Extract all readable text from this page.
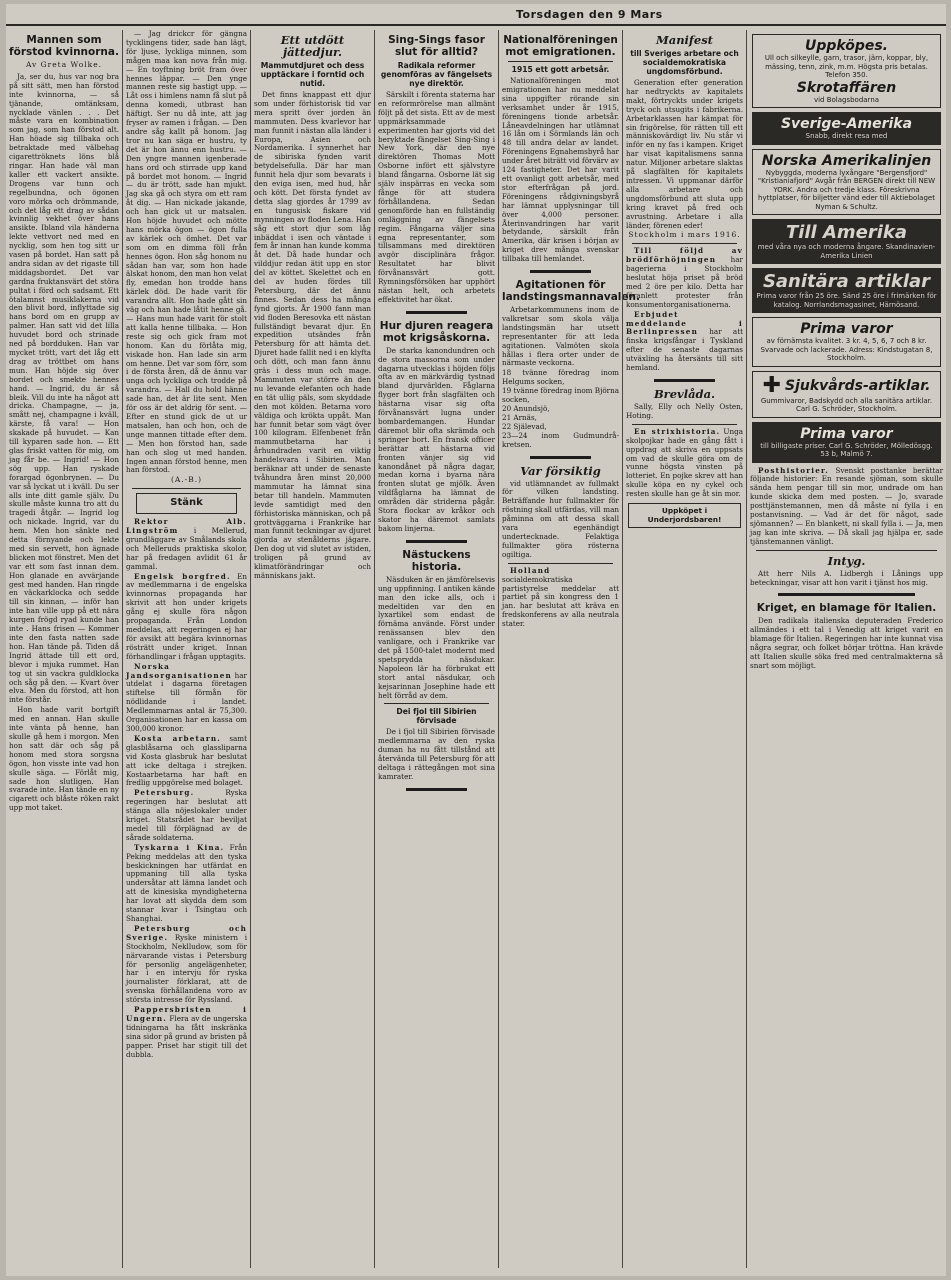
Torsdagen den 9 Mars
Mannen som förstod kvinnorna.
Av Greta Wolke.
Ja, ser du, hus var nog bra på sitt sätt, men han förstod inte kvinnorna, — så tjänande, omtänksam, nycklade vänlen . . . Det måste vara en kombination som jag, som han förstod alt. Han höade sig tillbaka och betraktade med välbehag cigarettröknets löns blå ringar. Han hade väl man kaller ett vackert ansikte. Drogens var tunn och regelbundna, och ögonen voro mörka och drömmande, och det låg ett drag av sådan kvinnlig vekhet över hans ansikte. Ibland vila händerna lekte vettvort ned med en nycklig, som hen tog sitt ur vasen på bordet. Han satt på andra sidan av det rigaste till middagsbordet. Det var gardna fruktansvärt det störa pultat i förd och sadsamt. Ett ötalamnst musiklakerna vid den blivit bord, inflyttade sig hans bord om en grupp av palmer. Han satt vid det lilla huvudet bord och strinade ned på bordduken. Han var mycket trött, vart det låg ett drag av tröttbet om hans mun. Han höjde sig över bordet och smekte hennes hand. — Ingrid, du är så bleik. Vill du inte ha något att dricka. Champagne, — ja, smått nej, champagne i kväll, kärste, få vara! — Hon skakade på huvudet. — Kan till kyparen sade hon. — Ett glas friskt vatten för mig, om jag får be. — Ingrid! — Hon sög upp. Han ryskade forargad ögonbrynen. — Du var så lyckat ut i kväll. Du ser alls inte ditt gamle själv. Du skulle måste kunna tro att du tragedi åtgår. — Ingrid log och nickade. Ingrid, var du hem. Men hon sänkte ned detta förnyande och lekte med sin servett, hon ägnade blicken mot fönstret. Men det var ett som fast innan dem. Hon glanade en avvärjande gest med handen. Han ringde en väckarklocka och sedde till sin kinnan, — inför han inte han ville upp på ett nära kurgen frögd ryad kunde han inte . Hans frisen — Kommer inte den fasta natten sade hon. Han tände på. Tiden då Ingrid ättade till ett ord, blevor i mjuka rummet. Han tog ut sin vackra guldklocka och såg på den. — Kvart över elva. Men du förstod, att hon inte förstår.
Hon hade varit bortgift med en annan. Han skulle inte vänta på henne, han skulle gå hem i morgon. Men hon satt där och såg på honom med stora sorgsna ögon, hon visste inte vad hon skulle säga. — Förlåt mig, sade hon slutligen. Han svarade inte. Han tände en ny cigarett och blåste röken rakt upp mot taket.
— Jag drickcr för gängna tycklingens tider, sade han lägt, för ljuse, lyckliga minnen, som mågen maa kan nova från mig. — En toyftning bröt fram över hennes läppar. — Den ynge mannen reste sig hastigt upp. — Låt oss i himlens namn få slut på denna komedi, utbrast han häftigt. Ser nu då inte, att jag fryser av ramen i frågan. — Den andre såg kallt på honom. Jag tror nu kan säga er hustru, ty det är hon ännu enn hustru. — Den yngre mannen igenberade hans ord och stirrade upp kand på bordet mot honom. — Ingrid — du är trött, sade han mjukt. Jag ska gå och styra om ett ram åt dig. — Han nickade jakande, och han gick ut ur matsalen. Hon höjde huvudet och mötte hans mörka ögon — ögon fulla av kärlek och ömhet. Det var som om en dimma föll från hennes ögon. Hon såg honom nu sådan han var, som hon hade älskat honom, den man hon velat fly, emedan hon trodde hans kärlek död. De hade varit för varandra allt. Hon hade gått sin väg och han hade låtit henne gå. — Hans mun hade varit för stolt att kalla henne tillbaka. — Hon reste sig och gick fram mot honom. Kan du förlåta mig, viskade hon. Han lade sin arm om henne. Det var som förr, som i de första åren, då de ännu var unga och lyckliga och trodde på varandra. — Hall du hold hänne sade han, det är lite sent. Men för oss är det aldrig för sent. — Efter en stund gick de ut ur matsalen, han och hon, och de unge mannen tittade efter dem. — Men hon förstod han, sade han och slog ut med handen. Ingen annan förstod henne, men han förstod.
(A.-B.)
Stänk
Rektor Alb. Lingström i Mellerud, grundläggare av Smålands skola och Melleruds praktiska skolor, har på fredagen avlidit 61 år gammal.
Engelsk borgfred. En av medlemmarna i de engelska kvinnornas propaganda har skrivit att hon under krigets gång ej skulle föra någon propaganda. Från London meddelas, att regeringen ej har för avsikt att begära kvinnornas rösträtt under kriget. Innan förhandlingar i frågan upptagits.
Norska Jandsorganisationen har utdelat i dagarna företagen stiftelse till förmån för nödlidande i landet. Medlemmarnas antal är 75,300. Organisationen har en kassa om 300,000 kronor.
Kosta arbetarn. samt glasblåsarna och glassliparna vid Kosta glasbruk har beslutat att icke deltaga i strejken. Kostaarbetarna har haft en fredlig uppgörelse med bolaget.
Petersburg.	Ryska regeringen har beslutat att stänga alla nöjeslokaler under kriget. Statsrådet har beviljat medel till förplägnad av de sårade soldaterna.
Tyskarna i Kina. Från Peking meddelas att den tyska beskickningen har utfärdat en uppmaning till alla tyska undersåtar att lämna landet och att de kinesiska myndigheterna har lovat att skydda dem som stannar kvar i Tsingtau och Shanghai.
Petersburg och Sverige. Ryske ministern i Stockholm, Neklludow, som för närvarande vistas i Petersburg för personlig angelägenheter, har i en intervju för ryska journalister förklarat, att de svenska förhållandena voro av största intresse för Ryssland.
Pappersbristen i Ungern. Flera av de ungerska tidningarna ha fått inskränka sina sidor på grund av bristen på papper. Priset har stigit till det dubbla.
Ett utdött jättedjur.
Mammutdjuret och dess upptäckare i forntid och nutid.
Det finns knappast ett djur som under förhistorisk tid var mera spritt över jorden än mammuten. Dess kvarlevor har man funnit i nästan alla länder i Europa, Asien och Nordamerika. I synnerhet har de sibiriska fynden varit betydelsefulla. Där har man funnit hela djur som bevarats i den eviga isen, med hud, hår och kött. Det första fyndet av detta slag gjordes år 1799 av en tungusisk fiskare vid mynningen av floden Lena. Han såg ett stort djur som låg inbäddat i isen och väntade i fem år innan han kunde komma åt det. Då hade hundar och vilddjur redan ätit upp en stor del av köttet. Skelettet och en del av huden fördes till Petersburg, där det ännu finnes. Sedan dess ha många fynd gjorts. År 1900 fann man vid floden Beresovka ett nästan fullständigt bevarat djur. En expedition utsändes från Petersburg för att hämta det. Djuret hade fallit ned i en klyfta och dött, och man fann ännu gräs i dess mun och mage. Mammuten var större än den nu levande elefanten och hade en tät ullig päls, som skyddade den mot kölden. Betarna voro väldiga och krökta uppåt. Man har funnit betar som vägt över 100 kilogram. Elfenbenet från mammutbetarna har i århundraden varit en viktig handelsvara i Sibirien. Man beräknar att under de senaste tvåhundra åren minst 20,000 mammutar ha lämnat sina betar till handeln. Mammuten levde samtidigt med den förhistoriska människan, och på grottväggarna i Frankrike har man funnit teckningar av djuret gjorda av stenålderns jägare. Den dog ut vid slutet av istiden, troligen på grund av klimatförändringar och människans jakt.
Sing-Sings fasor slut för alltid?
Radikala reformer genomföras av fängelsets nye direktör.
Särskilt i förenta staterna har en reformrörelse man allmänt följt på det sista. Ett av de mest uppmärksammade experimenten har gjorts vid det beryktade fängelset Sing-Sing i New York, där den nye direktören Thomas Mott Osborne infört ett självstyre bland fångarna. Osborne lät sig själv inspärras en vecka som fånge för att studera förhållandena. Sedan genomförde han en fullständig omläggning av fängelsets regim. Fångarna väljer sina egna representanter, som tillsammans med direktören avgör disciplinära frågor. Resultatet har blivit förvånansvärt gott. Rymningsförsöken har upphört nästan helt, och arbetets effektivitet har ökat.
Hur djuren reagera mot krigsåskorna.
De starka kanondundren och de stora massorna som under dagarna utvecklas i höjden följs ofta av en märkvärdig tystnad bland djurvärlden. Fåglarna flyger bort från slagfälten och hästarna visar sig ofta förvånansvärt lugna under bombardemangen. Hundar däremot blir ofta skrämda och springer bort. En fransk officer berättar att hästarna vid fronten vänjer sig vid kanondånet på några dagar, medan korna i byarna nära fronten slutat ge mjölk. Även vildfåglarna ha lämnat de områden där striderna pågår. Stora flockar av kråkor och skator ha däremot samlats bakom linjerna.
Nästuckens historia.
Näsduken är en jämförelsevis ung uppfinning. I antiken kände man den icke alls, och i medeltiden var den en lyxartikel som endast de förnäma använde. Först under renässansen blev den vanligare, och i Frankrike var det på 1500-talet modernt med spetsprydda näsdukar. Napoleon lär ha förbrukat ett stort antal näsdukar, och kejsarinnan Josephine hade ett helt förråd av dem.
Dei fjol till Sibirien förvisade
De i fjol till Sibirien förvisade medlemmarna av den ryska duman ha nu fått tillstånd att återvända till Petersburg för att deltaga i rättegången mot sina kamrater.
Nationalföreningen mot emigrationen.
1915 ett gott arbetsår.
Nationalföreningen mot emigrationen har nu meddelat sina uppgifter rörande sin verksamhet under år 1915, föreningens tionde arbetsår. Låneavdelningen har utlämnat 16 lån om i Sörmlands län och 48 till andra delar av landet. Föreningens Egnahemsbyrå har under året biträtt vid förvärv av 124 fastigheter. Det har varit ett ovanligt gott arbetsår, med stor efterfrågan på jord. Föreningens rådgivningsbyrå har lämnat upplysningar till över 4,000 personer. Återinvandringen har varit betydande, särskilt från Amerika, där krisen i början av kriget drev många svenskar tillbaka till hemlandet.
Agitationen för landstingsmannavalen.
Arbetarkommunens inom de valkretsar som skola välja landstingsmän har utsett representanter för att leda agitationen. Valmöten skola hållas i flera orter under de närmaste veckorna.
18 tvänne föredrag inom Helgums socken,
19 tvänne föredrag inom Björna socken,
20 Anundsjö,
21 Arnäs,
22 Själevad,
23—24 inom Gudmundrå-kretsen.
Var försiktig
vid utlämnandet av fullmakt för vilken landsting. Beträffande hur fullmakter för röstning skall utfärdas, vill man påminna om att dessa skall vara egenhändigt undertecknade. Felaktiga fullmakter göra rösterna ogiltiga.
Holland socialdemokratiska partistyrelse meddelar att partiet på sin kongress den 1 jan. har beslutat att kräva en fredskonferens av alla neutrala stater.
Manifest
till Sveriges arbetare och socialdemokratiska ungdomsförbund.
Generation efter generation har nedtryckts av kapitalets makt, förtryckts under krigets tryck och utsugits i fabrikerna. Arbetarklassen har kämpat för sin frigörelse, för rätten till ett människovärdigt liv. Nu står vi inför en ny fas i kampen. Kriget har visat kapitalismens sanna natur. Miljoner arbetare slaktas på slagfälten för kapitalets intressen. Vi uppmanar därför alla arbetare och ungdomsförbund att sluta upp kring kravet på fred och avrustning. Arbetare i alla länder, förenen eder!
Stockholm i mars 1916.
Till följd av brödförhöjningen har bagerierna i Stockholm beslutat höja priset på bröd med 2 öre per kilo. Detta har föranlett protester från konsumentorganisationerna.
Erbjudet meddelande i Berlinpressen har att finska krigsfångar i Tyskland efter de senaste dagarnas utväxling ha återsänts till sitt hemland.
Brevlåda.
Sally, Elly och Nelly Osten, Hoting.
En strixhistoria. Unga skolpojkar hade en gång fått i uppdrag att skriva en uppsats om vad de skulle göra om de vunne högsta vinsten på lotteriet. En pojke skrev att han skulle köpa en ny cykel och resten skulle han ge åt sin mor.
Uppköpet i Underjordsbaren!
Uppköpes.
Ull och silkeylle, garn, trasor, järn, koppar, bly, mässing, tenn, zink, m.m. Högsta pris betalas. Telefon 350.
Skrotaffären
vid Bolagsbodarna
Sverige-Amerika
Snabb, direkt resa med
Norska Amerikalinjen
Nybyggda, moderna lyxångare "Bergensfjord" "Kristianiafjord" Avgår från BERGEN direkt till NEW YORK. Andra och tredje klass. Föreskrivna hyttplatser, för biljetter vänd eder till Aktiebolaget Nyman & Schultz.
Till Amerika
med våra nya och moderna ångare. Skandinavien-Amerika Linien
Sanitära artiklar
Prima varor från 25 öre. Sänd 25 öre i frimärken för katalog. Norrlandsmagasinet, Härnösand.
Prima varor
av förnämsta kvalitet. 3 kr. 4, 5, 6, 7 och 8 kr. Svarvade och lackerade. Adress: Kindstugatan 8, Stockholm.
✚ Sjukvårds-artiklar.
Gummivaror, Badskydd och alla sanitära artiklar. Carl G. Schröder, Stockholm.
Prima varor
till billigaste priser. Carl G. Schröder, Mölledösgg. 53 b, Malmö 7.
Posthistorier. Svenskt posttanke berättar följande historier: En resande sjöman, som skulle sända hem pengar till sin mor, undrade om han kunde skicka dem med posten. — Jo, svarade posttjänstemannen, men då måste ni fylla i en postanvisning. — Vad är det för något, sade sjömannen? — En blankett, ni skall fylla i. — Ja, men jag kan inte skriva. — Då skall jag hjälpa er, sade tjänstemannen vänligt.
Intyg.
Att herr Nils A. Lidbergh i Lånings upp beteckningar, visar att hon varit i tjänst hos mig.
Kriget, en blamage för Italien.
Den radikala italienska deputeraden Frederico allmändes i ett tal i Venedig att kriget varit en blamage för Italien. Regeringen har inte kunnat visa några segrar, och folket börjar tröttna. Han krävde att Italien skulle söka fred med centralmakterna så snart som möjligt.
